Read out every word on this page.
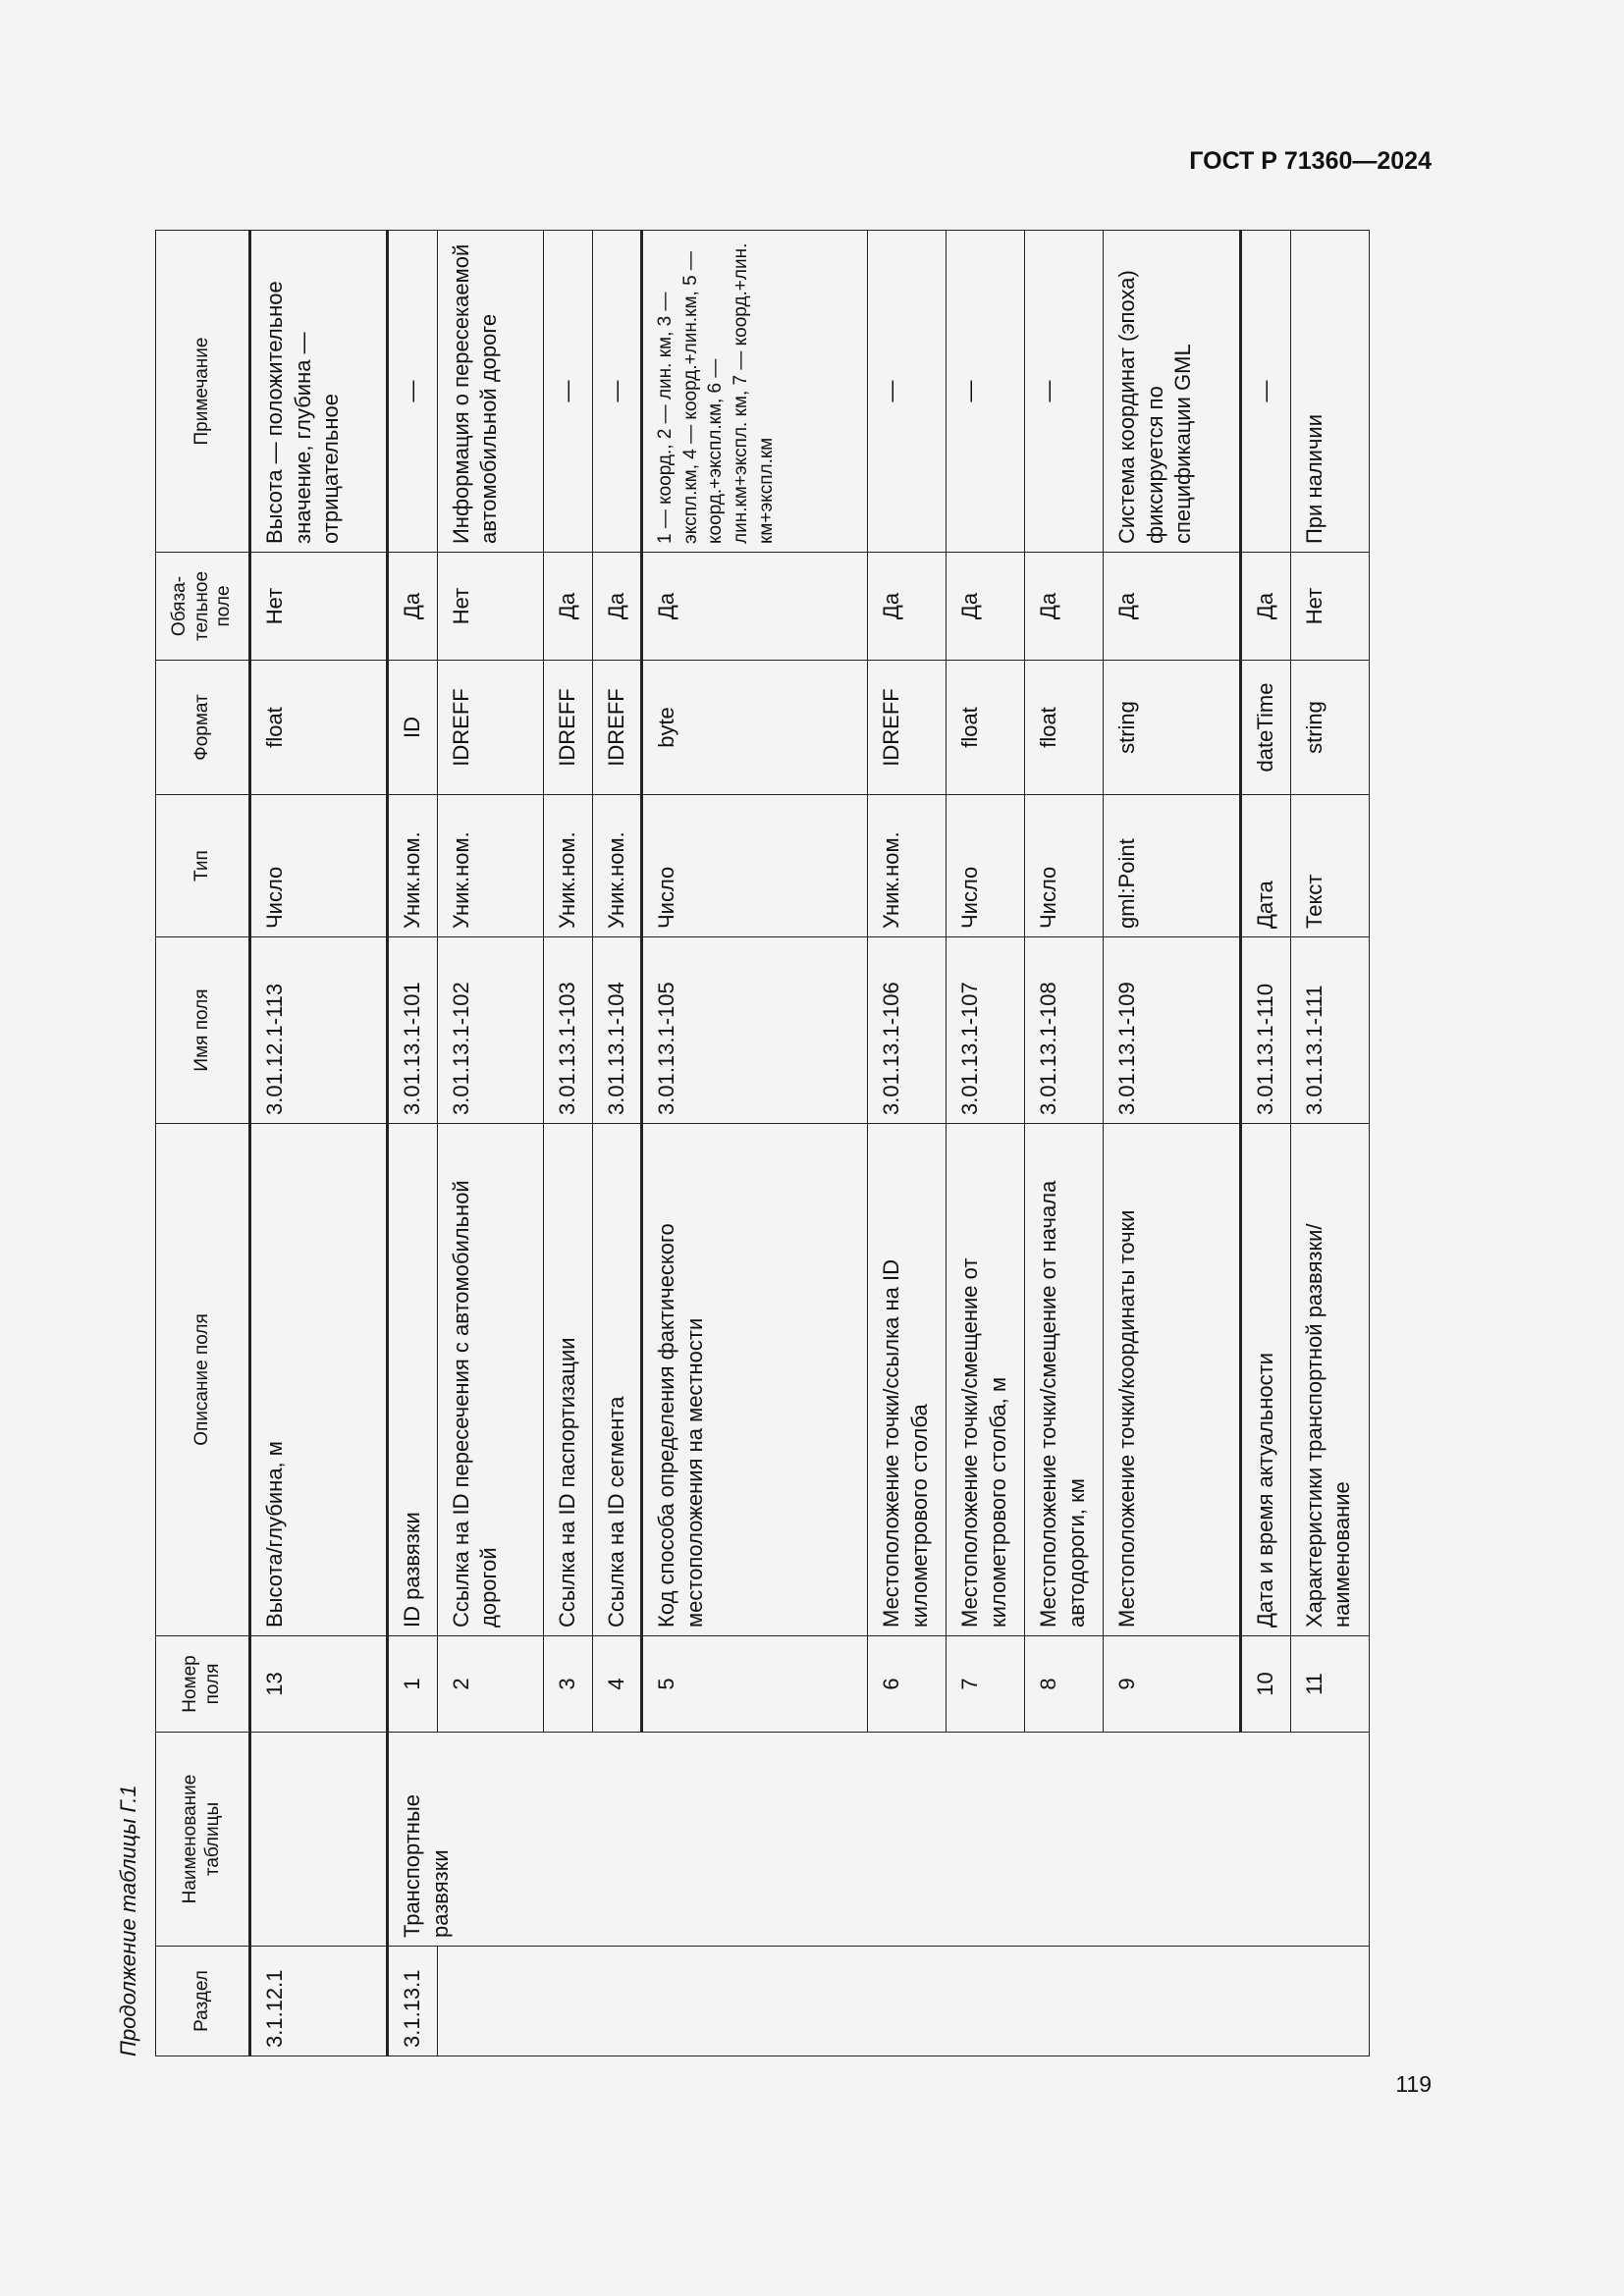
ГОСТ Р 71360—2024
Продолжение таблицы Г.1	Раздел	Наименование таблицы	Номер поля	Описание поля	Имя поля	Тип	Формат	Обяза-тельное поле	Примечание
3.1.12.1		13	Высота/глубина, м	3.01.12.1-113	Число	float	Нет	Высота — положительное значение, глубина — отрицательное
3.1.13.1	Транспортные развязки	1	ID развязки	3.01.13.1-101	Уник.ном.	ID	Да	—
		2	Ссылка на ID пересечения с автомобильной дорогой	3.01.13.1-102	Уник.ном.	IDREFF	Нет	Информация о пересекаемой автомобильной дороге
		3	Ссылка на ID паспортизации	3.01.13.1-103	Уник.ном.	IDREFF	Да	—
		4	Ссылка на ID сегмента	3.01.13.1-104	Уник.ном.	IDREFF	Да	—
		5	Код способа определения фактического местоположения на местности	3.01.13.1-105	Число	byte	Да	1 — коорд., 2 — лин. км, 3 — экспл.км, 4 — коорд.+лин.км, 5 — коорд.+экспл.км, 6 — лин.км+экспл. км, 7 — коорд.+лин. км+экспл.км
		6	Местоположение точки/ссылка на ID километрового столба	3.01.13.1-106	Уник.ном.	IDREFF	Да	—
		7	Местоположение точки/смещение от километрового столба, м	3.01.13.1-107	Число	float	Да	—
		8	Местоположение точки/смещение от начала автодороги, км	3.01.13.1-108	Число	float	Да	—
		9	Местоположение точки/координаты точки	3.01.13.1-109	gml:Point	string	Да	Система координат (эпоха) фиксируется по спецификации GML
		10	Дата и время актуальности	3.01.13.1-110	Дата	dateTime	Да	—
		11	Характеристики транспортной развязки/наименование	3.01.13.1-111	Текст	string	Нет	При наличии
119
